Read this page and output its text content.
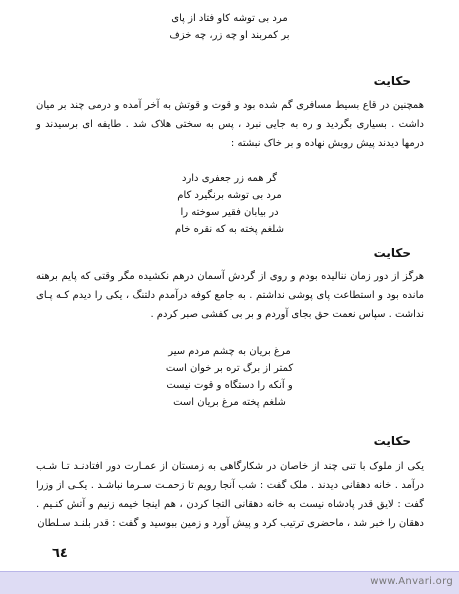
مرد بی توشه کاو فتاد از پای
بر کمربند او چه زر، چه خزف
حکایت
همچنین در قاع بسیط مسافری گم شده بود و قوت و قوتش به آخر آمده و درمی چند بر میان داشت . بسیاری بگردید و ره به جایی نبرد ، پس به سختی هلاک شد . طایفه ای برسیدند و درمها دیدند پیش رویش نهاده و بر خاک نبشته :
گر همه زر جعفری دارد
مرد بی توشه برنگیرد کام
در بیابان فقیر سوخته را
شلغم پخته به که نقره خام
حکایت
هرگز از دور زمان نناليده بودم و روی از گردش آسمان درهم نکشيده مگر وقتی که پايم برهنه مانده بود و استطاعت پای پوشی نداشتم . به جامع کوفه درآمدم دلتنگ ، يکی را ديدم کـه پـای نداشت . سپاس نعمت حق بجای آوردم و بر بی کفشی صبر کردم .
مرغ بریان به چشم مردم سیر
کمتر از برگ تره بر خوان است
و آنکه را دستگاه و قوت نیست
شلغم پخته مرغ بریان است
حکایت
يکی از ملوک با تنی چند از خاصان در شکارگاهی به زمستان از عمـارت دور افتادنـد تـا شـب درآمد . خانه دهقانی دیدند . ملک گفت : شب آنجا رويم تا زحمـت سـرما نباشـد . يکـی از وزرا گفت : لايق قدر پادشاه نيست به خانه دهقانی التجا کردن ، هم اينجا خيمه زنيم و آتش کنـيم . دهقان را خبر شد ، ماحضری ترتيب کرد و پيش آورد و زمين ببوسيد و گفت : قدر بلنـد سـلطان
٦٤
www.Anvari.org
